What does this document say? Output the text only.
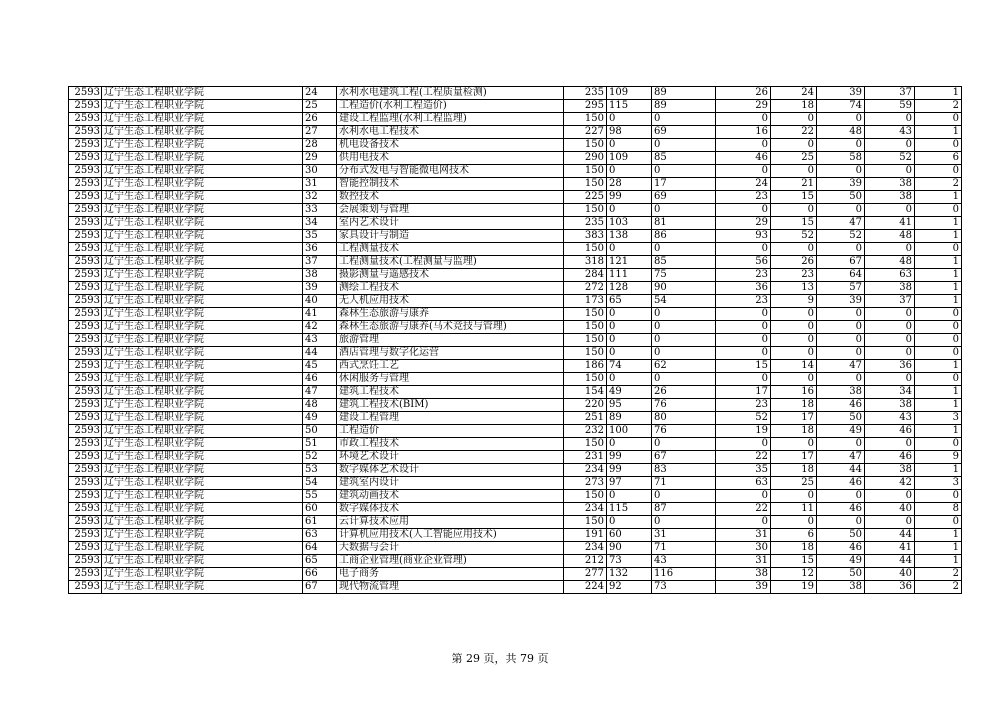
2593	辽宁生态工程职业学院	24	水利水电建筑工程(工程质量检测)	235	109	89	26	24	39	37	1
2593	辽宁生态工程职业学院	25	工程造价(水利工程造价)	295	115	89	29	18	74	59	2
2593	辽宁生态工程职业学院	26	建设工程监理(水利工程监理)	150	0	0	0	0	0	0	0
2593	辽宁生态工程职业学院	27	水利水电工程技术	227	98	69	16	22	48	43	1
2593	辽宁生态工程职业学院	28	机电设备技术	150	0	0	0	0	0	0	0
2593	辽宁生态工程职业学院	29	供用电技术	290	109	85	46	25	58	52	6
2593	辽宁生态工程职业学院	30	分布式发电与智能微电网技术	150	0	0	0	0	0	0	0
2593	辽宁生态工程职业学院	31	智能控制技术	150	28	17	24	21	39	38	2
2593	辽宁生态工程职业学院	32	数控技术	225	99	69	23	15	50	38	1
2593	辽宁生态工程职业学院	33	会展策划与管理	150	0	0	0	0	0	0	0
2593	辽宁生态工程职业学院	34	室内艺术设计	235	103	81	29	15	47	41	1
2593	辽宁生态工程职业学院	35	家具设计与制造	383	138	86	93	52	52	48	1
2593	辽宁生态工程职业学院	36	工程测量技术	150	0	0	0	0	0	0	0
2593	辽宁生态工程职业学院	37	工程测量技术(工程测量与监理)	318	121	85	56	26	67	48	1
2593	辽宁生态工程职业学院	38	摄影测量与遥感技术	284	111	75	23	23	64	63	1
2593	辽宁生态工程职业学院	39	测绘工程技术	272	128	90	36	13	57	38	1
2593	辽宁生态工程职业学院	40	无人机应用技术	173	65	54	23	9	39	37	1
2593	辽宁生态工程职业学院	41	森林生态旅游与康养	150	0	0	0	0	0	0	0
2593	辽宁生态工程职业学院	42	森林生态旅游与康养(马术竞技与管理)	150	0	0	0	0	0	0	0
2593	辽宁生态工程职业学院	43	旅游管理	150	0	0	0	0	0	0	0
2593	辽宁生态工程职业学院	44	酒店管理与数字化运营	150	0	0	0	0	0	0	0
2593	辽宁生态工程职业学院	45	西式烹饪工艺	186	74	62	15	14	47	36	1
2593	辽宁生态工程职业学院	46	休闲服务与管理	150	0	0	0	0	0	0	0
2593	辽宁生态工程职业学院	47	建筑工程技术	154	49	26	17	16	38	34	1
2593	辽宁生态工程职业学院	48	建筑工程技术(BIM)	220	95	76	23	18	46	38	1
2593	辽宁生态工程职业学院	49	建设工程管理	251	89	80	52	17	50	43	3
2593	辽宁生态工程职业学院	50	工程造价	232	100	76	19	18	49	46	1
2593	辽宁生态工程职业学院	51	市政工程技术	150	0	0	0	0	0	0	0
2593	辽宁生态工程职业学院	52	环境艺术设计	231	99	67	22	17	47	46	9
2593	辽宁生态工程职业学院	53	数字媒体艺术设计	234	99	83	35	18	44	38	1
2593	辽宁生态工程职业学院	54	建筑室内设计	273	97	71	63	25	46	42	3
2593	辽宁生态工程职业学院	55	建筑动画技术	150	0	0	0	0	0	0	0
2593	辽宁生态工程职业学院	60	数字媒体技术	234	115	87	22	11	46	40	8
2593	辽宁生态工程职业学院	61	云计算技术应用	150	0	0	0	0	0	0	0
2593	辽宁生态工程职业学院	63	计算机应用技术(人工智能应用技术)	191	60	31	31	6	50	44	1
2593	辽宁生态工程职业学院	64	大数据与会计	234	90	71	30	18	46	41	1
2593	辽宁生态工程职业学院	65	工商企业管理(商业企业管理)	212	73	43	31	15	49	44	1
2593	辽宁生态工程职业学院	66	电子商务	277	132	116	38	12	50	40	2
2593	辽宁生态工程职业学院	67	现代物流管理	224	92	73	39	19	38	36	2
第 29 页，共 79 页
